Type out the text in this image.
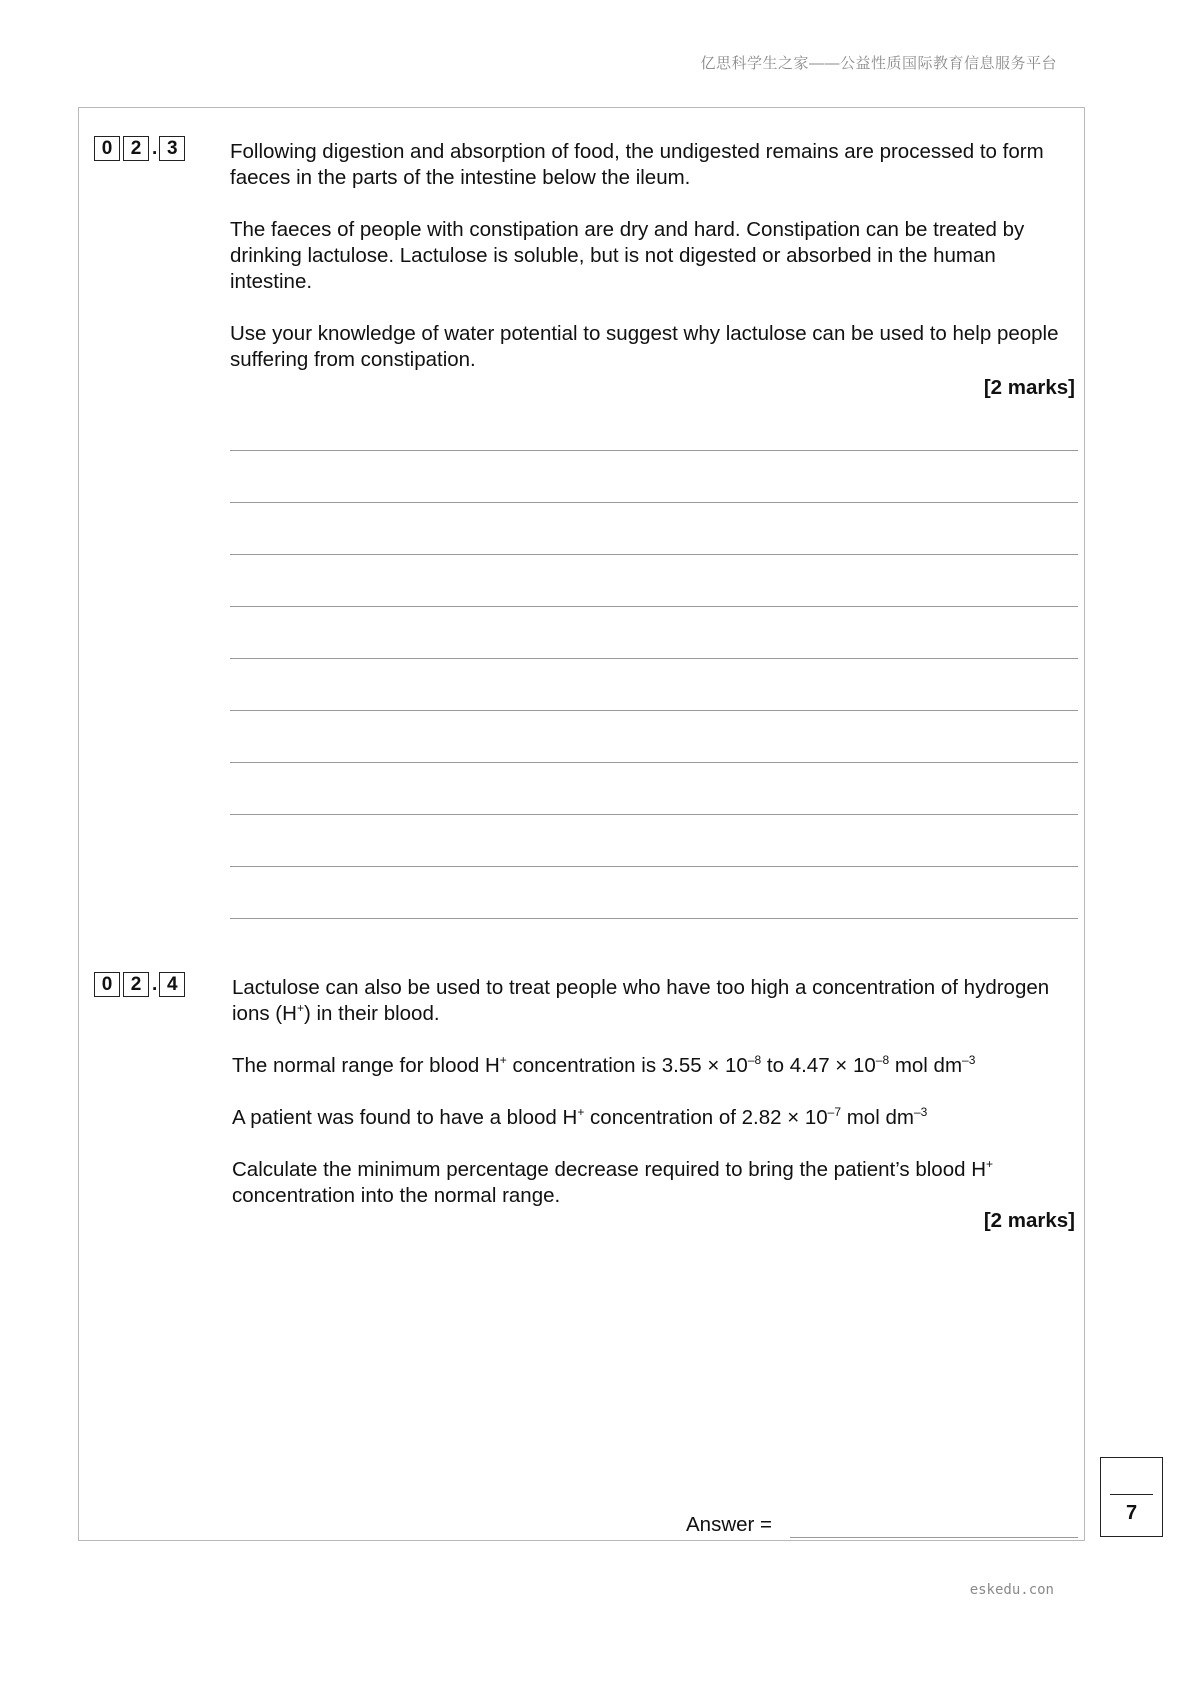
亿思科学生之家——公益性质国际教育信息服务平台
0 2 . 3	Following digestion and absorption of food, the undigested remains are processed to form faeces in the parts of the intestine below the ileum.

The faeces of people with constipation are dry and hard. Constipation can be treated by drinking lactulose. Lactulose is soluble, but is not digested or absorbed in the human intestine.

Use your knowledge of water potential to suggest why lactulose can be used to help people suffering from constipation.

[2 marks]
0 2 . 4	Lactulose can also be used to treat people who have too high a concentration of hydrogen ions (H+) in their blood.

The normal range for blood H+ concentration is $3.55 \times 10^{-8}$ to $4.47 \times 10^{-8}$ mol $dm^{-3}$

A patient was found to have a blood H+ concentration of $2.82 \times 10^{-7}$ mol $dm^{-3}$

Calculate the minimum percentage decrease required to bring the patient’s blood H+ concentration into the normal range.

[2 marks]
Answer =	7
eskedu.con
